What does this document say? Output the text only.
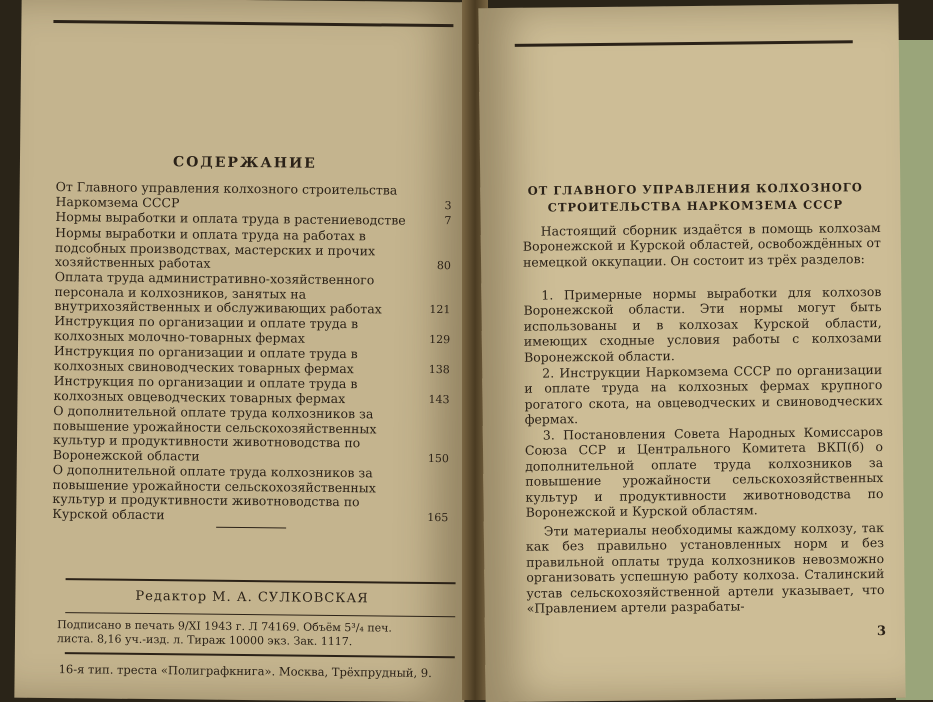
СОДЕРЖАНИЕ
От Главного управления колхозного строительства Наркомзема СССР	3
Нормы выработки и оплата труда в растениеводстве	7
Нормы выработки и оплата труда на работах в подсобных производствах, мастерских и прочих хозяйственных работах	80
Оплата труда административно-хозяйственного персонала и колхозников, занятых на внутрихозяйственных и обслуживающих работах	121
Инструкция по организации и оплате труда в колхозных молочно-товарных фермах	129
Инструкция по организации и оплате труда в колхозных свиноводческих товарных фермах	138
Инструкция по организации и оплате труда в колхозных овцеводческих товарных фермах	143
О дополнительной оплате труда колхозников за повышение урожайности сельскохозяйственных культур и продуктивности животноводства по Воронежской области	150
О дополнительной оплате труда колхозников за повышение урожайности сельскохозяйственных культур и продуктивности животноводства по Курской области	165
Редактор М. А. СУЛКОВСКАЯ
Подписано в печать 9/XI 1943 г. Л 74169. Объём 5³/₄ печ.
листа. 8,16 уч.-изд. л. Тираж 10000 экз. Зак. 1117.
16-я тип. треста «Полиграфкнига». Москва, Трёхпрудный, 9.
ОТ ГЛАВНОГО УПРАВЛЕНИЯ КОЛХОЗНОГО
СТРОИТЕЛЬСТВА НАРКОМЗЕМА СССР
Настоящий сборник издаётся в помощь колхозам Воронежской и Курской областей, освобождённых от немецкой оккупации. Он состоит из трёх разделов:
1. Примерные нормы выработки для колхозов Воронежской области. Эти нормы могут быть использованы и в колхозах Курской области, имеющих сходные условия работы с колхозами Воронежской области.
2. Инструкции Наркомзема СССР по организации и оплате труда на колхозных фермах крупного рогатого скота, на овцеводческих и свиноводческих фермах.
3. Постановления Совета Народных Комиссаров Союза ССР и Центрального Комитета ВКП(б) о дополнительной оплате труда колхозников за повышение урожайности сельскохозяйственных культур и продуктивности животноводства по Воронежской и Курской областям.
Эти материалы необходимы каждому колхозу, так как без правильно установленных норм и без правильной оплаты труда колхозников невозможно организовать успешную работу колхоза. Сталинский устав сельскохозяйственной артели указывает, что «Правлением артели разрабаты-
3
